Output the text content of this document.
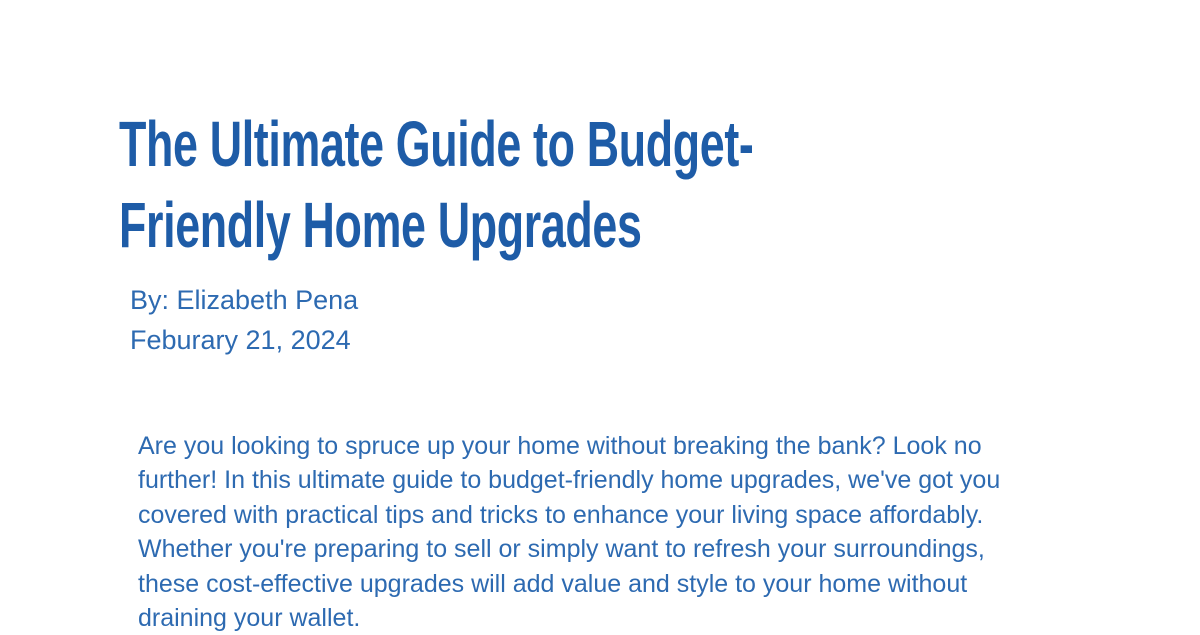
The Ultimate Guide to Budget-
Friendly Home Upgrades
By: Elizabeth Pena
Feburary 21, 2024

Are you looking to spruce up your home without breaking the bank? Look no
further! In this ultimate guide to budget-friendly home upgrades, we've got you
covered with practical tips and tricks to enhance your living space affordably.
Whether you're preparing to sell or simply want to refresh your surroundings,
these cost-effective upgrades will add value and style to your home without
draining your wallet.
